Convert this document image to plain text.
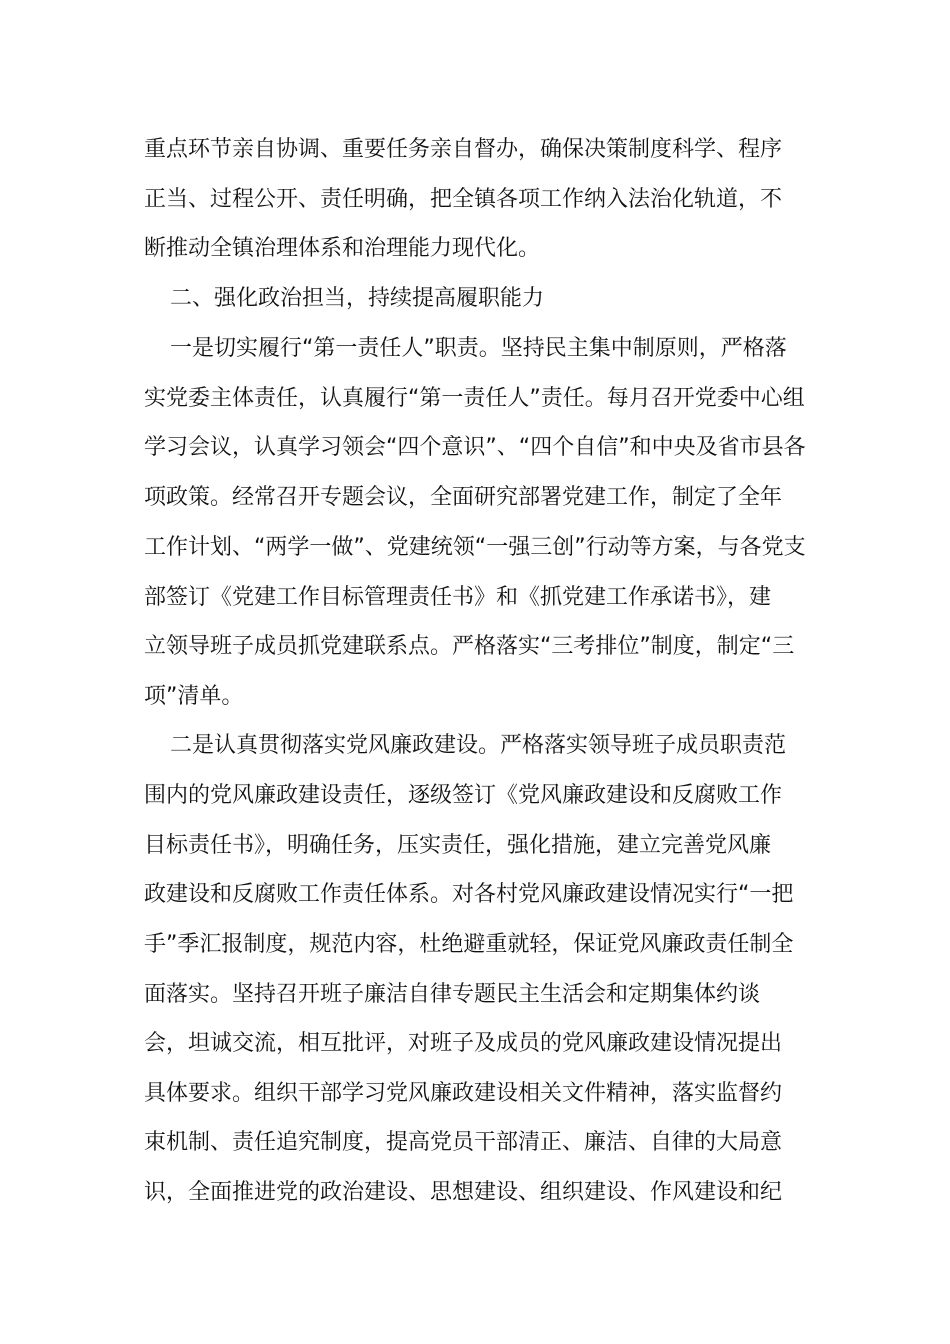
重点环节亲自协调、重要任务亲自督办，确保决策制度科学、程序
正当、过程公开、责任明确，把全镇各项工作纳入法治化轨道，不
断推动全镇治理体系和治理能力现代化。
二、强化政治担当，持续提高履职能力
一是切实履行“第一责任人”职责。坚持民主集中制原则，严格落
实党委主体责任，认真履行“第一责任人”责任。每月召开党委中心组
学习会议，认真学习领会“四个意识”、“四个自信”和中央及省市县各
项政策。经常召开专题会议，全面研究部署党建工作，制定了全年
工作计划、“两学一做”、党建统领“一强三创”行动等方案，与各党支
部签订《党建工作目标管理责任书》和《抓党建工作承诺书》，建
立领导班子成员抓党建联系点。严格落实“三考排位”制度，制定“三
项”清单。
二是认真贯彻落实党风廉政建设。严格落实领导班子成员职责范
围内的党风廉政建设责任，逐级签订《党风廉政建设和反腐败工作
目标责任书》，明确任务，压实责任，强化措施，建立完善党风廉
政建设和反腐败工作责任体系。对各村党风廉政建设情况实行“一把
手”季汇报制度，规范内容，杜绝避重就轻，保证党风廉政责任制全
面落实。坚持召开班子廉洁自律专题民主生活会和定期集体约谈
会，坦诚交流，相互批评，对班子及成员的党风廉政建设情况提出
具体要求。组织干部学习党风廉政建设相关文件精神，落实监督约
束机制、责任追究制度，提高党员干部清正、廉洁、自律的大局意
识，全面推进党的政治建设、思想建设、组织建设、作风建设和纪
